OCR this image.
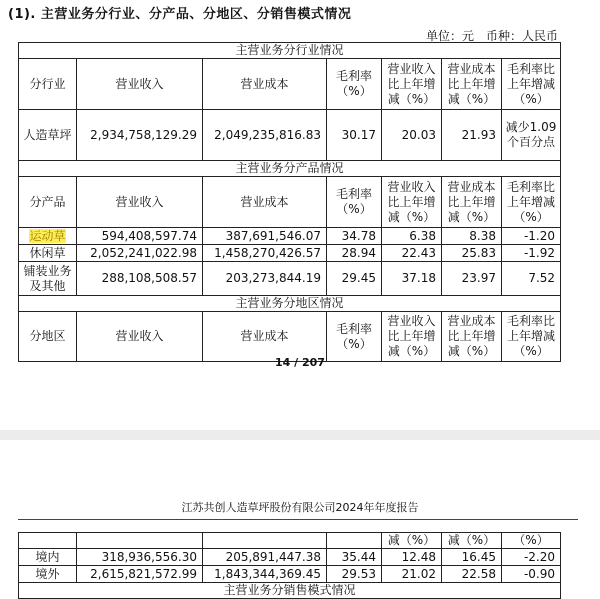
(1). 主营业务分行业、分产品、分地区、分销售模式情况
单位：元　币种：人民币
主营业务分行业情况						
分行业	营业收入	营业成本	毛利率（%）	营业收入比上年增减（%）	营业成本比上年增减（%）	毛利率比上年增减（%）
人造草坪	2,934,758,129.29	2,049,235,816.83	30.17	20.03	21.93	减少1.09个百分点
主营业务分产品情况						
分产品	营业收入	营业成本	毛利率（%）	营业收入比上年增减（%）	营业成本比上年增减（%）	毛利率比上年增减（%）
运动草	594,408,597.74	387,691,546.07	34.78	6.38	8.38	-1.20
休闲草	2,052,241,022.98	1,458,270,426.57	28.94	22.43	25.83	-1.92
铺装业务及其他	288,108,508.57	203,273,844.19	29.45	37.18	23.97	7.52
主营业务分地区情况						
分地区	营业收入	营业成本	毛利率（%）	营业收入比上年增减（%）	营业成本比上年增减（%）	毛利率比上年增减（%）
14 / 207
江苏共创人造草坪股份有限公司2024年年度报告
				减（%）	减（%）	（%）
境内	318,936,556.30	205,891,447.38	35.44	12.48	16.45	-2.20
境外	2,615,821,572.99	1,843,344,369.45	29.53	21.02	22.58	-0.90
主营业务分销售模式情况						
